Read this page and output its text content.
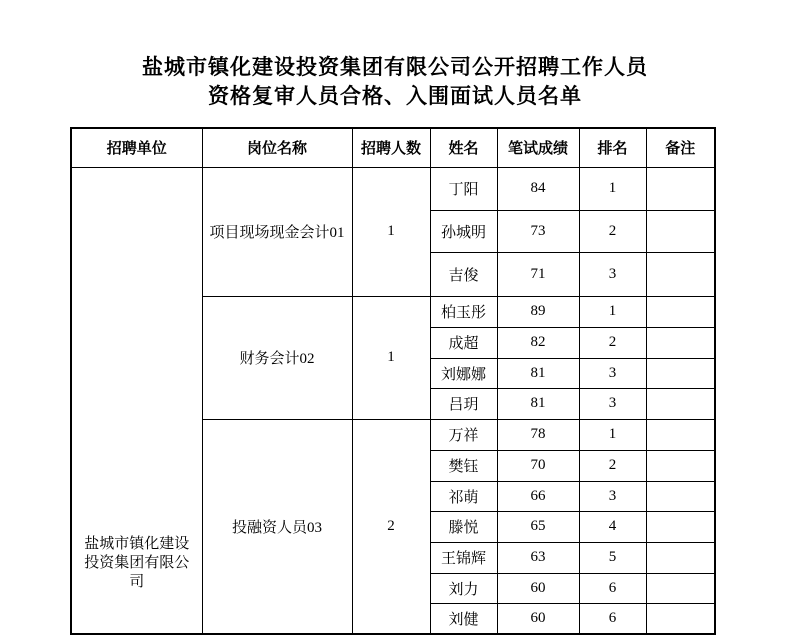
盐城市镇化建设投资集团有限公司公开招聘工作人员
资格复审人员合格、入围面试人员名单
招聘单位	岗位名称	招聘人数	姓名	笔试成绩	排名	备注

盐城市镇化建设投资集团有限公司	项目现场现金会计01	1	丁阳	84	1	
			孙城明	73	2	
			吉俊	71	3	
	财务会计02	1	柏玉彤	89	1	
			成超	82	2	
			刘娜娜	81	3	
			吕玥	81	3	
	投融资人员03	2	万祥	78	1	
			樊钰	70	2	
			祁萌	66	3	
			滕悦	65	4	
			王锦辉	63	5	
			刘力	60	6	
			刘健	60	6	
